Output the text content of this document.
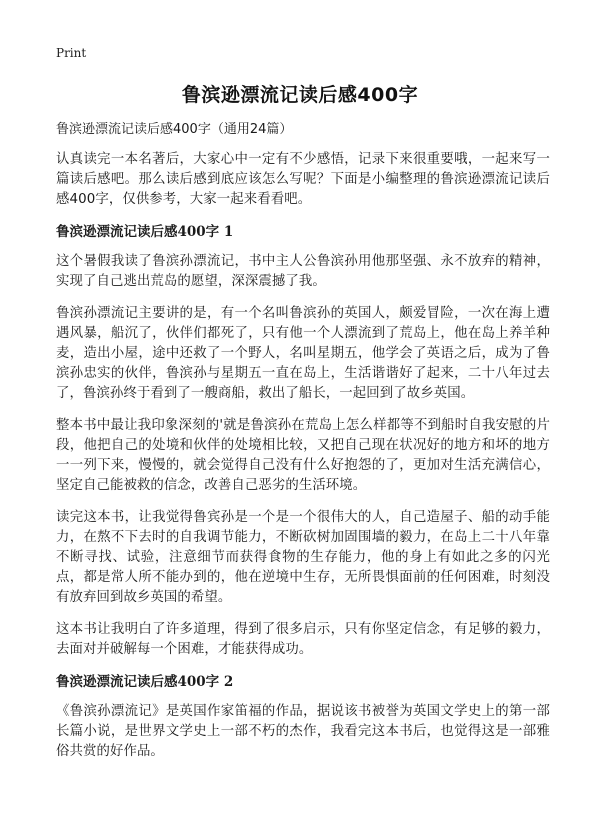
Print
鲁滨逊漂流记读后感400字
鲁滨逊漂流记读后感400字（通用24篇）

认真读完一本名著后，大家心中一定有不少感悟，记录下来很重要哦，一起来写一篇读后感吧。那么读后感到底应该怎么写呢？下面是小编整理的鲁滨逊漂流记读后感400字，仅供参考，大家一起来看看吧。

鲁滨逊漂流记读后感400字 1

这个暑假我读了鲁滨孙漂流记，书中主人公鲁滨孙用他那坚强、永不放弃的精神，实现了自己逃出荒岛的愿望，深深震撼了我。

鲁滨孙漂流记主要讲的是，有一个名叫鲁滨孙的英国人，颇爱冒险，一次在海上遭遇风暴，船沉了，伙伴们都死了，只有他一个人漂流到了荒岛上，他在岛上养羊种麦，造出小屋，途中还救了一个野人，名叫星期五，他学会了英语之后，成为了鲁滨孙忠实的伙伴，鲁滨孙与星期五一直在岛上，生活谐谐好了起来，二十八年过去了，鲁滨孙终于看到了一艘商船，救出了船长，一起回到了故乡英国。

整本书中最让我印象深刻的'就是鲁滨孙在荒岛上怎么样都等不到船时自我安慰的片段，他把自己的处境和伙伴的处境相比较，又把自己现在状况好的地方和坏的地方一一列下来，慢慢的，就会觉得自己没有什么好抱怨的了，更加对生活充满信心，坚定自己能被救的信念，改善自己恶劣的生活环境。

读完这本书，让我觉得鲁宾孙是一个是一个很伟大的人，自己造屋子、船的动手能力，在熬不下去时的自我调节能力，不断砍树加固围墙的毅力，在岛上二十八年靠不断寻找、试验，注意细节而获得食物的生存能力，他的身上有如此之多的闪光点，都是常人所不能办到的，他在逆境中生存，无所畏惧面前的任何困难，时刻没有放弃回到故乡英国的希望。

这本书让我明白了许多道理，得到了很多启示，只有你坚定信念，有足够的毅力，去面对并破解每一个困难，才能获得成功。

鲁滨逊漂流记读后感400字 2

《鲁滨孙漂流记》是英国作家笛福的作品，据说该书被誉为英国文学史上的第一部长篇小说，是世界文学史上一部不朽的杰作，我看完这本书后，也觉得这是一部雅俗共赏的好作品。
